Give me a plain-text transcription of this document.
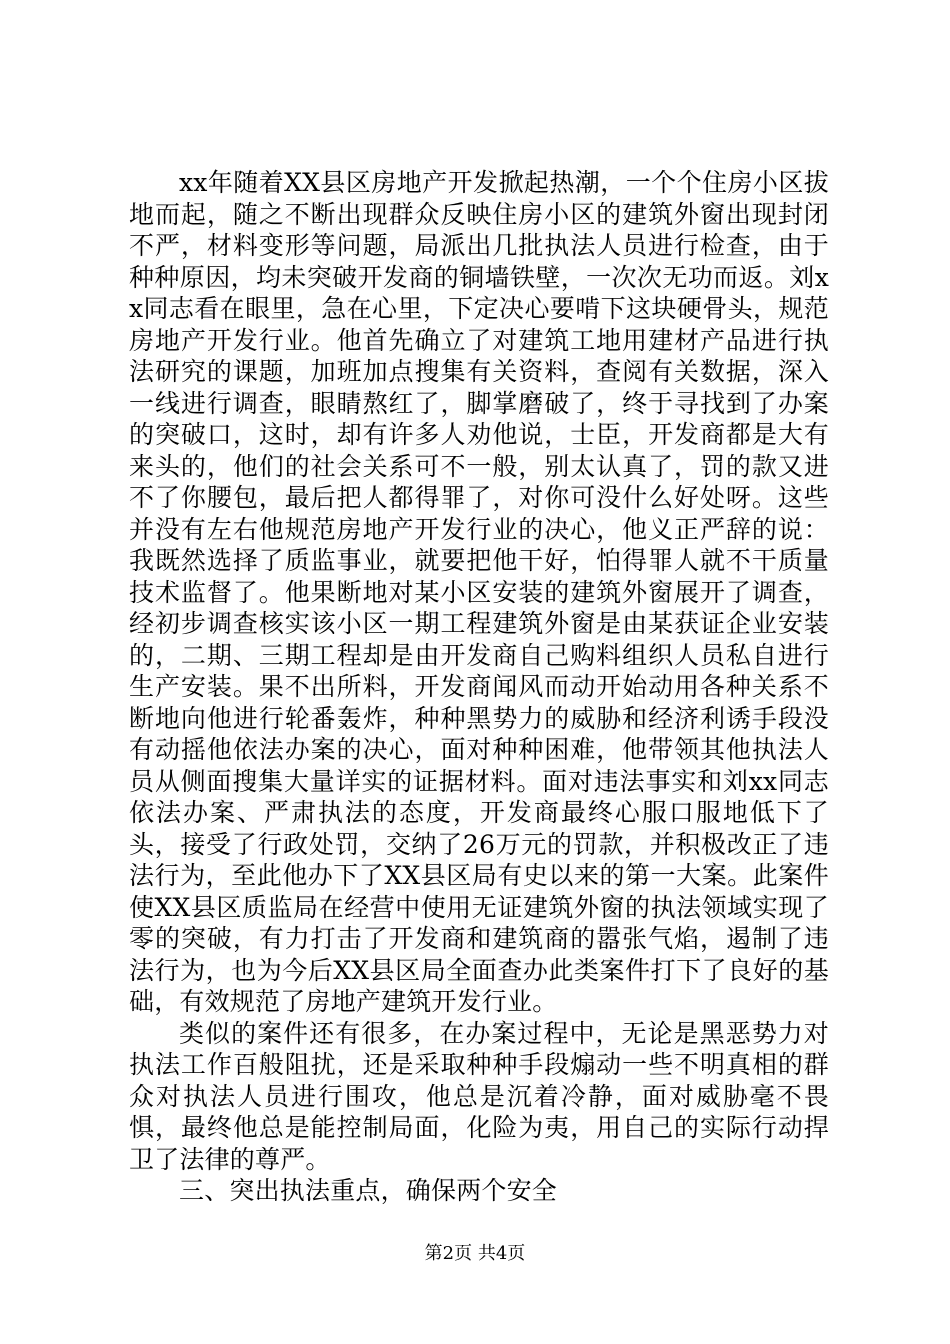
xx年随着XX县区房地产开发掀起热潮，一个个住房小区拔地而起，随之不断出现群众反映住房小区的建筑外窗出现封闭不严，材料变形等问题，局派出几批执法人员进行检查，由于种种原因，均未突破开发商的铜墙铁壁，一次次无功而返。刘xx同志看在眼里，急在心里，下定决心要啃下这块硬骨头，规范房地产开发行业。他首先确立了对建筑工地用建材产品进行执法研究的课题，加班加点搜集有关资料，查阅有关数据，深入一线进行调查，眼睛熬红了，脚掌磨破了，终于寻找到了办案的突破口，这时，却有许多人劝他说，士臣，开发商都是大有来头的，他们的社会关系可不一般，别太认真了，罚的款又进不了你腰包，最后把人都得罪了，对你可没什么好处呀。这些并没有左右他规范房地产开发行业的决心，他义正严辞的说：我既然选择了质监事业，就要把他干好，怕得罪人就不干质量技术监督了。他果断地对某小区安装的建筑外窗展开了调查，经初步调查核实该小区一期工程建筑外窗是由某获证企业安装的，二期、三期工程却是由开发商自己购料组织人员私自进行生产安装。果不出所料，开发商闻风而动开始动用各种关系不断地向他进行轮番轰炸，种种黑势力的威胁和经济利诱手段没有动摇他依法办案的决心，面对种种困难，他带领其他执法人员从侧面搜集大量详实的证据材料。面对违法事实和刘xx同志依法办案、严肃执法的态度，开发商最终心服口服地低下了头，接受了行政处罚，交纳了26万元的罚款，并积极改正了违法行为，至此他办下了XX县区局有史以来的第一大案。此案件使XX县区质监局在经营中使用无证建筑外窗的执法领域实现了零的突破，有力打击了开发商和建筑商的嚣张气焰，遏制了违法行为，也为今后XX县区局全面查办此类案件打下了良好的基础，有效规范了房地产建筑开发行业。

类似的案件还有很多，在办案过程中，无论是黑恶势力对执法工作百般阻扰，还是采取种种手段煽动一些不明真相的群众对执法人员进行围攻，他总是沉着冷静，面对威胁毫不畏惧，最终他总是能控制局面，化险为夷，用自己的实际行动捍卫了法律的尊严。

三、突出执法重点，确保两个安全

第2页 共4页
